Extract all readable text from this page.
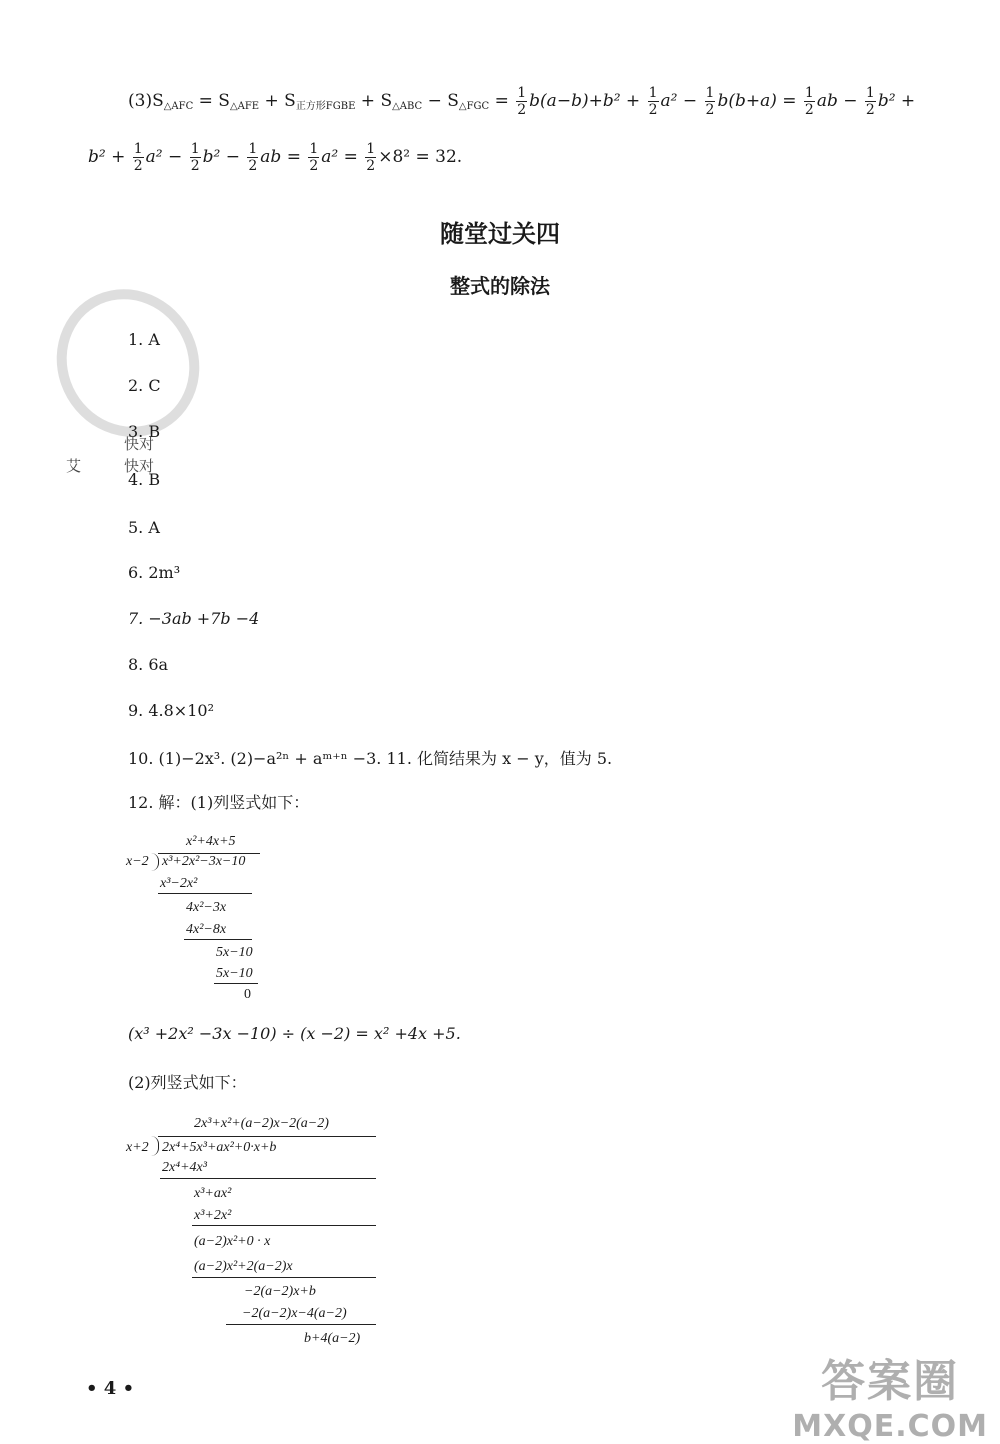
$(3)S_{\triangle AFC} = S_{\triangle AFE} + S_{正方形FGBE} + S_{\triangle ABC} - S_{\triangle FGC} = \frac{1}{2} b(a-b)+b^2 + \frac{1}{2} a^2 - \frac{1}{2} b(b+a) = \frac{1}{2}$ ab − $\frac{1}{2} b^2$ +
$b^2 + \frac{1}{2} a^2 - \frac{1}{2} b^2 - \frac{1}{2}$ ab = $\frac{1}{2} a^2 = \frac{1}{2} \times 8^2 = 32$.
随堂过关四
整式的除法
1. A
2. C
3. B
快对
艾	快对
4. B
5. A
6. 2m³
7. −3ab +7b −4
8. 6a
9. 4.8×10²
10. (1)−2x³. (2)−a²ⁿ + aᵐ⁺ⁿ −3. 11. 化简结果为 x − y，值为 5.
12. 解：(1)列竖式如下：
x²+4x+5
x−2 x³+2x²−3x−10
x³−2x²
4x²−3x
4x²−8x
5x−10
5x−10
0
(x³ +2x² −3x −10) ÷ (x −2) = x² +4x +5.
(2)列竖式如下：
2x³+x²+(a−2)x−2(a−2)
x+2 2x⁴+5x³+ax²+0·x+b
2x⁴+4x³
x³+ax²
x³+2x²
(a−2)x²+0 · x
(a−2)x²+2(a−2)x
−2(a−2)x+b
−2(a−2)x−4(a−2)
b+4(a−2)
• 4 •	答案圈
MXQE.COM
